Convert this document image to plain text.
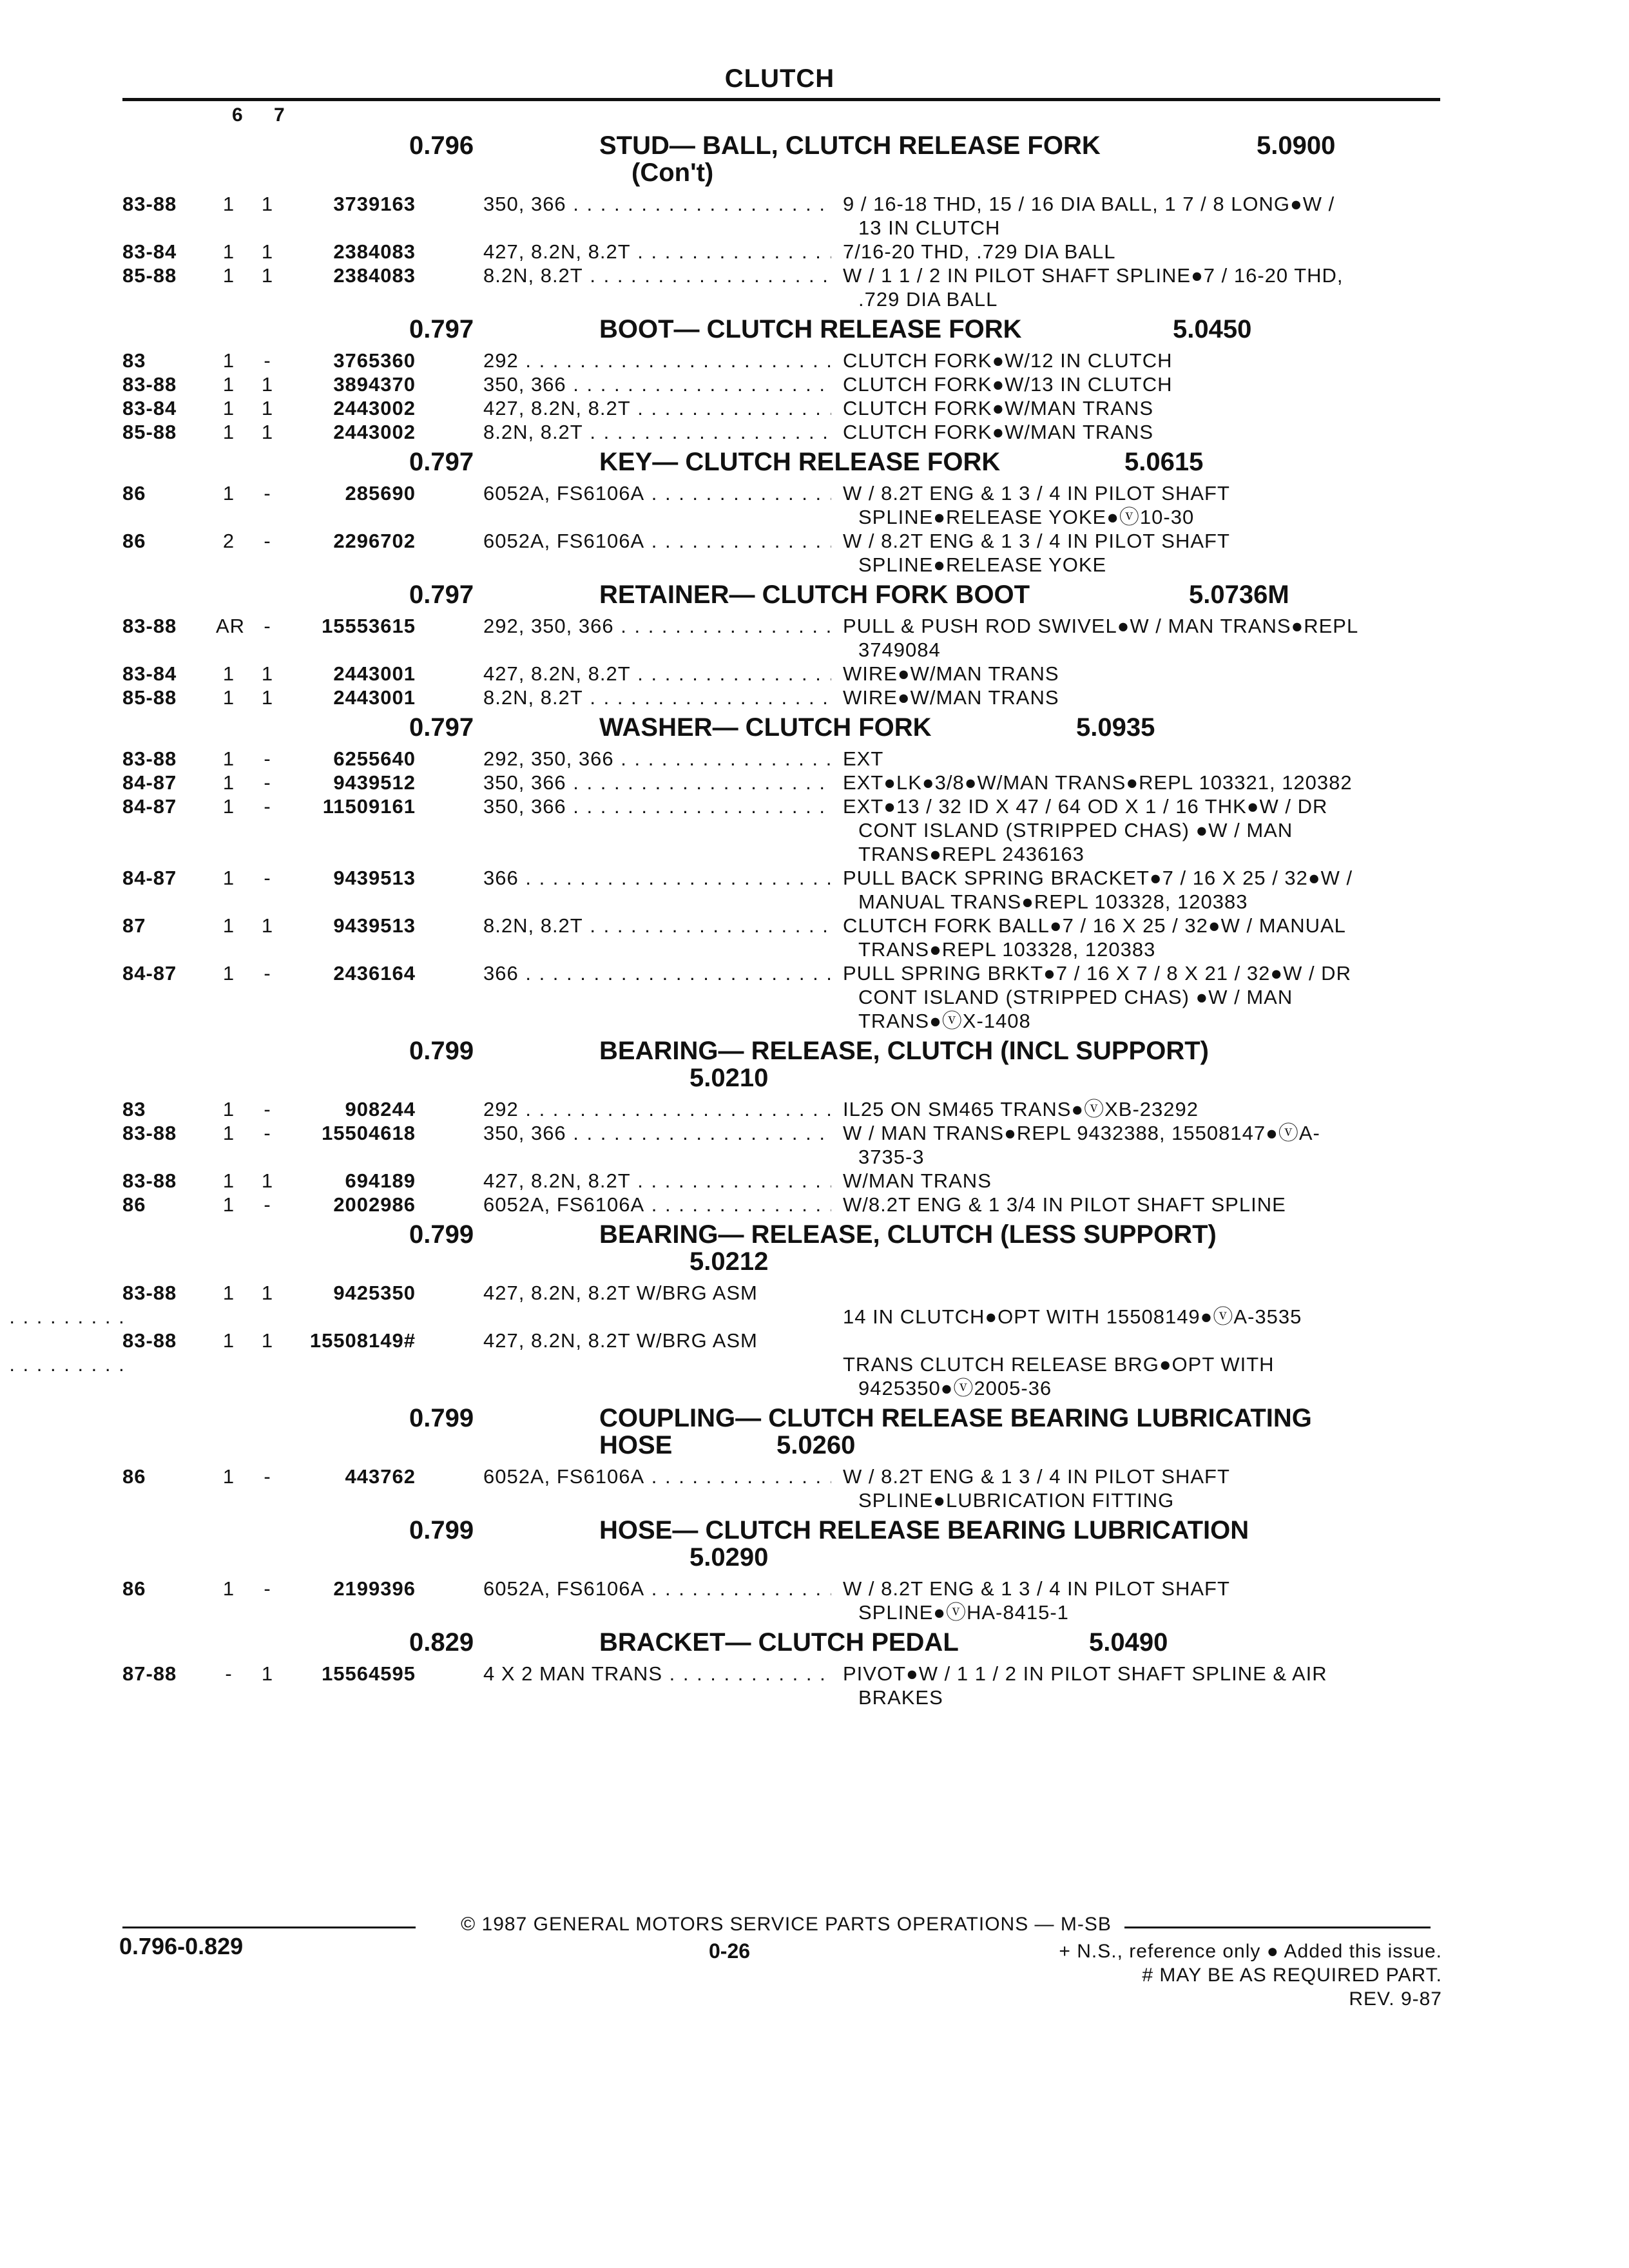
CLUTCH
6 7
0.796	STUD— BALL, CLUTCH RELEASE FORK	5.0900
(Con't)
83-88	1	1	3739163	350, 366 . . .	9 / 16-18 THD, 15 / 16 DIA BALL, 1 7 / 8 LONG●W /
13 IN CLUTCH
83-84	1	1	2384083	427, 8.2N, 8.2T . . .	7/16-20 THD, .729 DIA BALL
85-88	1	1	2384083	8.2N, 8.2T . . .	W / 1 1 / 2 IN PILOT SHAFT SPLINE●7 / 16-20 THD,
.729 DIA BALL
0.797	BOOT— CLUTCH RELEASE FORK	5.0450
83	1	-	3765360	292 . . .	CLUTCH FORK●W/12 IN CLUTCH
83-88	1	1	3894370	350, 366 . . .	CLUTCH FORK●W/13 IN CLUTCH
83-84	1	1	2443002	427, 8.2N, 8.2T . . .	CLUTCH FORK●W/MAN TRANS
85-88	1	1	2443002	8.2N, 8.2T . . .	CLUTCH FORK●W/MAN TRANS
0.797	KEY— CLUTCH RELEASE FORK	5.0615
86	1	-	285690	6052A, FS6106A . . .	W / 8.2T ENG & 1 3 / 4 IN PILOT SHAFT
SPLINE●RELEASE YOKE●ⓥ10-30
86	2	-	2296702	6052A, FS6106A . . .	W / 8.2T ENG & 1 3 / 4 IN PILOT SHAFT
SPLINE●RELEASE YOKE
0.797	RETAINER— CLUTCH FORK BOOT	5.0736M
83-88 AR -	15553615	292, 350, 366 . . .	PULL & PUSH ROD SWIVEL●W / MAN TRANS●REPL
3749084
83-84	1	1	2443001	427, 8.2N, 8.2T . . .	WIRE●W/MAN TRANS
85-88	1	1	2443001	8.2N, 8.2T . . .	WIRE●W/MAN TRANS
0.797	WASHER— CLUTCH FORK	5.0935
83-88	1	-	6255640	292, 350, 366 . . .	EXT
84-87	1	-	9439512	350, 366 . . .	EXT●LK●3/8●W/MAN TRANS●REPL 103321, 120382
84-87	1	-	11509161	350, 366 . . .	EXT●13 / 32 ID X 47 / 64 OD X 1 / 16 THK●W / DR
CONT ISLAND (STRIPPED CHAS) ●W / MAN
TRANS●REPL 2436163
84-87	1	-	9439513	366 . . .	PULL BACK SPRING BRACKET●7 / 16 X 25 / 32●W /
MANUAL TRANS●REPL 103328, 120383
87	1	1	9439513	8.2N, 8.2T . . .	CLUTCH FORK BALL●7 / 16 X 25 / 32●W / MANUAL
TRANS●REPL 103328, 120383
84-87	1	-	2436164	366 . . .	PULL SPRING BRKT●7 / 16 X 7 / 8 X 21 / 32●W / DR
CONT ISLAND (STRIPPED CHAS) ●W / MAN
TRANS●ⓥX-1408
0.799	BEARING— RELEASE, CLUTCH (INCL SUPPORT)
5.0210
83	1	-	908244	292 . . .	IL25 ON SM465 TRANS●ⓥXB-23292
83-88	1	-	15504618	350, 366 . . .	W / MAN TRANS●REPL 9432388, 15508147●ⓥA-
3735-3
83-88	1	1	694189	427, 8.2N, 8.2T . . .	W/MAN TRANS
86	1	-	2002986	6052A, FS6106A . . .	W/8.2T ENG & 1 3/4 IN PILOT SHAFT SPLINE
0.799	BEARING— RELEASE, CLUTCH (LESS SUPPORT)
5.0212
83-88	1	1	9425350	427, 8.2N, 8.2T W/BRG ASM
. . .

14 IN CLUTCH●OPT WITH 15508149●ⓥA-3535
83-88	1	1	15508149#	427, 8.2N, 8.2T W/BRG ASM
. . .

TRANS CLUTCH RELEASE BRG●OPT WITH
9425350●ⓥ2005-36
0.799	COUPLING— CLUTCH RELEASE BEARING LUBRICATING
HOSE	5.0260
86	1	-	443762	6052A, FS6106A . . .	W / 8.2T ENG & 1 3 / 4 IN PILOT SHAFT
SPLINE●LUBRICATION FITTING
0.799	HOSE— CLUTCH RELEASE BEARING LUBRICATION
5.0290
86	1	-	2199396	6052A, FS6106A . . .	W / 8.2T ENG & 1 3 / 4 IN PILOT SHAFT
SPLINE●ⓥHA-8415-1
0.829	BRACKET— CLUTCH PEDAL	5.0490
87-88	-	1	15564595	4 X 2 MAN TRANS . . .	PIVOT●W / 1 1 / 2 IN PILOT SHAFT SPLINE & AIR
BRAKES
© 1987 GENERAL MOTORS SERVICE PARTS OPERATIONS — M-SB
0.796-0.829	0-26	+ N.S., reference only ● Added this issue.
# MAY BE AS REQUIRED PART.
REV. 9-87
